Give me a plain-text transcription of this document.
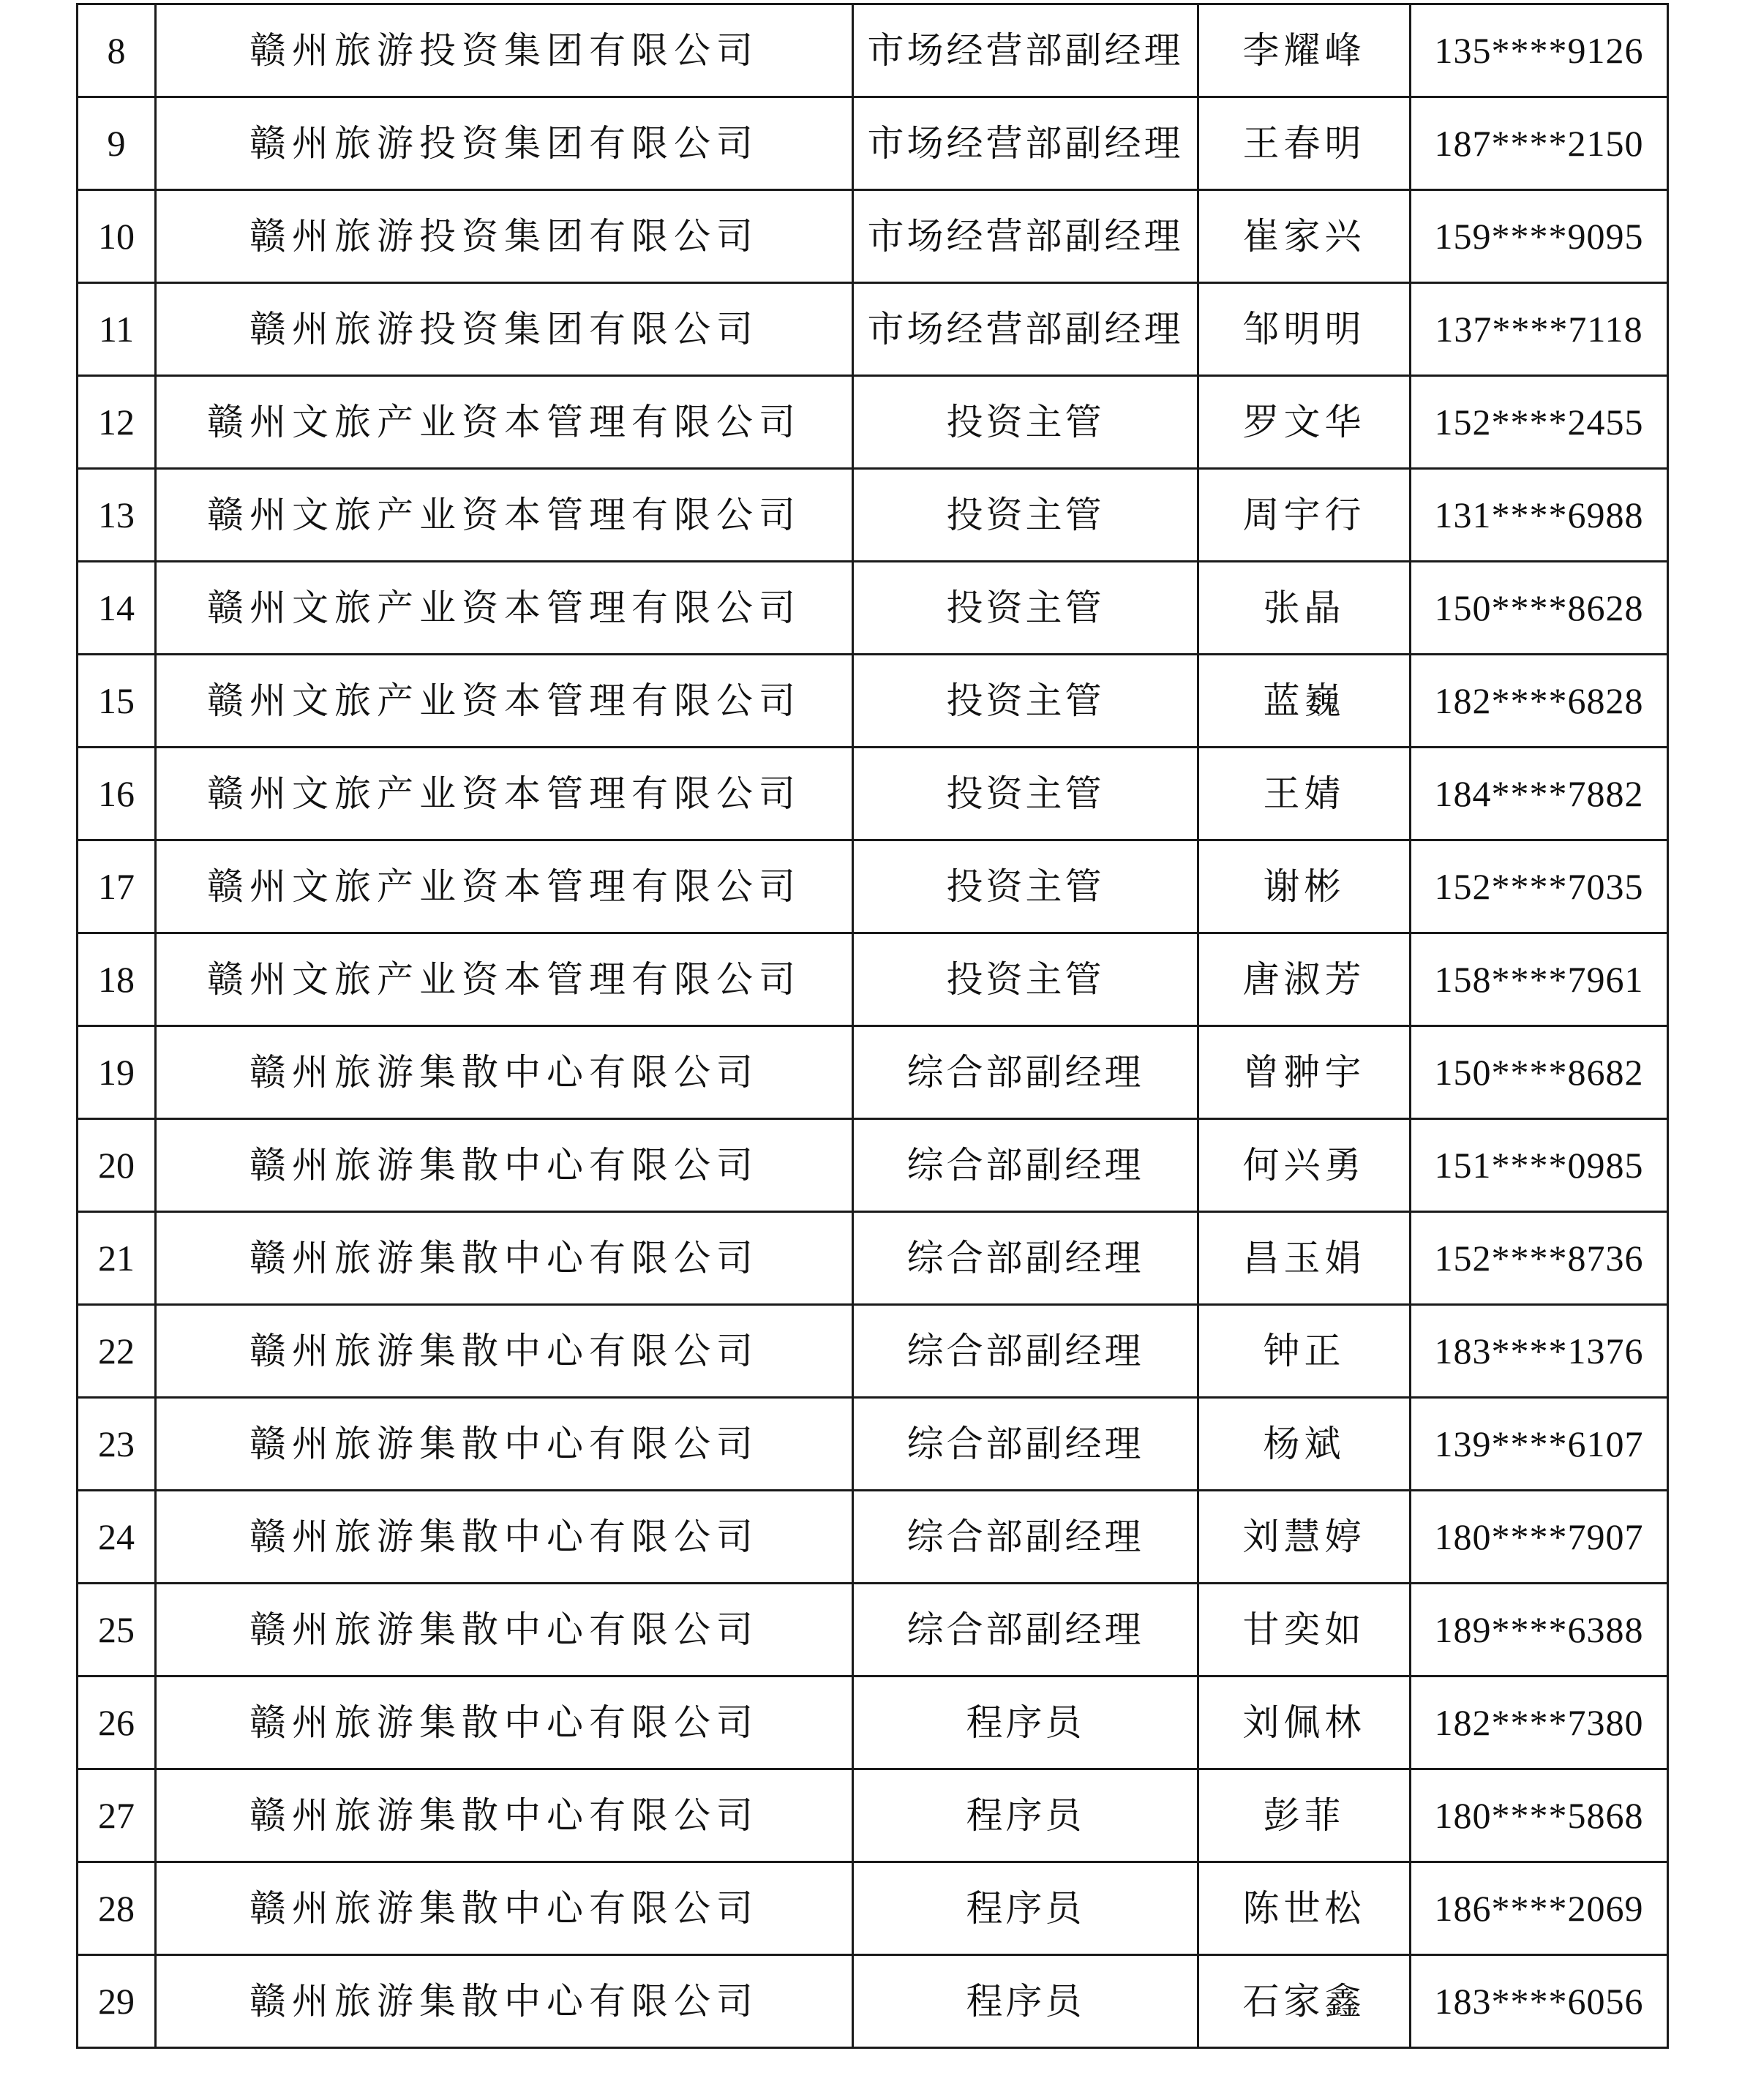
8	赣州旅游投资集团有限公司	市场经营部副经理	李耀峰	135****9126
9	赣州旅游投资集团有限公司	市场经营部副经理	王春明	187****2150
10	赣州旅游投资集团有限公司	市场经营部副经理	崔家兴	159****9095
11	赣州旅游投资集团有限公司	市场经营部副经理	邹明明	137****7118
12	赣州文旅产业资本管理有限公司	投资主管	罗文华	152****2455
13	赣州文旅产业资本管理有限公司	投资主管	周宇行	131****6988
14	赣州文旅产业资本管理有限公司	投资主管	张晶	150****8628
15	赣州文旅产业资本管理有限公司	投资主管	蓝巍	182****6828
16	赣州文旅产业资本管理有限公司	投资主管	王婧	184****7882
17	赣州文旅产业资本管理有限公司	投资主管	谢彬	152****7035
18	赣州文旅产业资本管理有限公司	投资主管	唐淑芳	158****7961
19	赣州旅游集散中心有限公司	综合部副经理	曾翀宇	150****8682
20	赣州旅游集散中心有限公司	综合部副经理	何兴勇	151****0985
21	赣州旅游集散中心有限公司	综合部副经理	昌玉娟	152****8736
22	赣州旅游集散中心有限公司	综合部副经理	钟正	183****1376
23	赣州旅游集散中心有限公司	综合部副经理	杨斌	139****6107
24	赣州旅游集散中心有限公司	综合部副经理	刘慧婷	180****7907
25	赣州旅游集散中心有限公司	综合部副经理	甘奕如	189****6388
26	赣州旅游集散中心有限公司	程序员	刘佩林	182****7380
27	赣州旅游集散中心有限公司	程序员	彭菲	180****5868
28	赣州旅游集散中心有限公司	程序员	陈世松	186****2069
29	赣州旅游集散中心有限公司	程序员	石家鑫	183****6056
